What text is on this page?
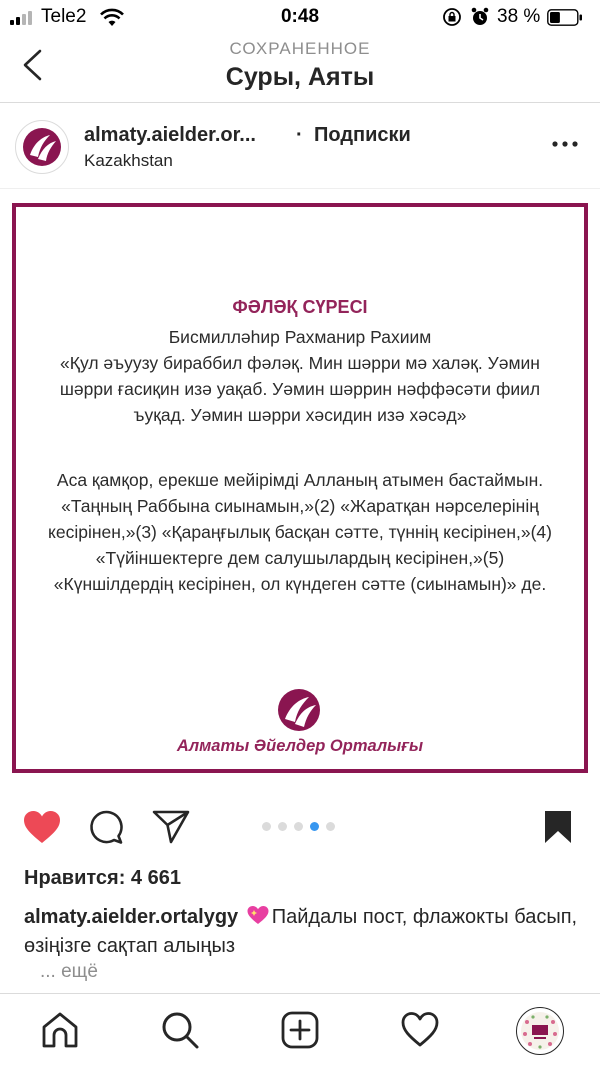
Tele2	0:48	38 %
СОХРАНЕННОЕ
Суры, Аяты
almaty.aielder.or... · Подписки
Kazakhstan
ФӘЛӘҚ СҮРЕСІ
Бисмилләһир Рахманир Рахиим
«Қул әъуузу бираббил фәләқ. Мин шәрри мә халәқ. Уәмин шәрри ғасиқин изә уақаб. Уәмин шәррин нәффәсәти фиил ъуқад. Уәмин шәрри хәсидин изә хәсәд»
Аса қамқор, ерекше мейірімді Алланың атымен бастаймын. «Таңның Раббына сиынамын,»(2) «Жаратқан нәрселерінің кесірінен,»(3) «Қараңғылық басқан сәтте, түннің кесірінен,»(4) «Түйіншектерге дем салушылардың кесірінен,»(5) «Күншілдердің кесірінен, ол күндеген сәтте (сиынамын)» де.
Алматы Әйелдер Орталығы
Нравится: 4 661
almaty.aielder.ortalygy Пайдалы пост, флажокты басып, өзіңізге сақтап алыңыз
... ещё
